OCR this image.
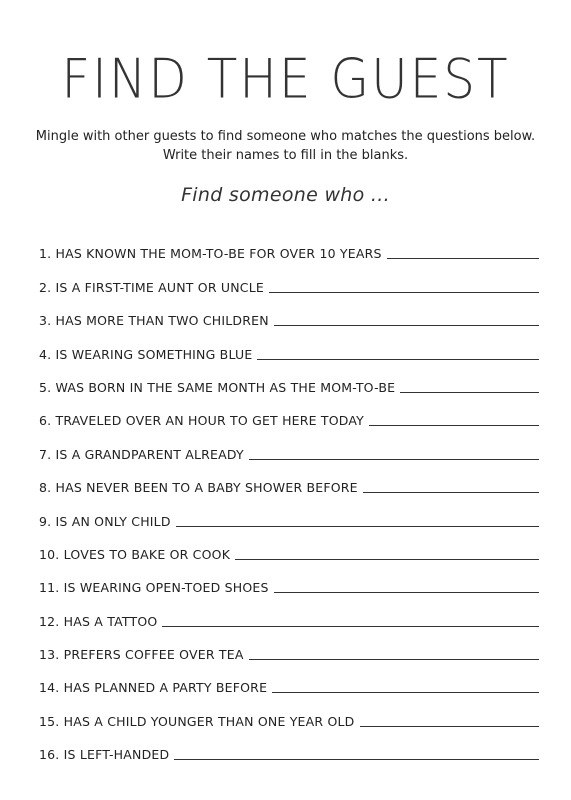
FIND THE GUEST
Mingle with other guests to find someone who matches the questions below. Write their names to fill in the blanks.
Find someone who ...
1. HAS KNOWN THE MOM-TO-BE FOR OVER 10 YEARS
2. IS A FIRST-TIME AUNT OR UNCLE
3. HAS MORE THAN TWO CHILDREN
4. IS WEARING SOMETHING BLUE
5. WAS BORN IN THE SAME MONTH AS THE MOM-TO-BE
6. TRAVELED OVER AN HOUR TO GET HERE TODAY
7. IS A GRANDPARENT ALREADY
8. HAS NEVER BEEN TO A BABY SHOWER BEFORE
9. IS AN ONLY CHILD
10. LOVES TO BAKE OR COOK
11. IS WEARING OPEN-TOED SHOES
12. HAS A TATTOO
13. PREFERS COFFEE OVER TEA
14. HAS PLANNED A PARTY BEFORE
15. HAS A CHILD YOUNGER THAN ONE YEAR OLD
16. IS LEFT-HANDED
